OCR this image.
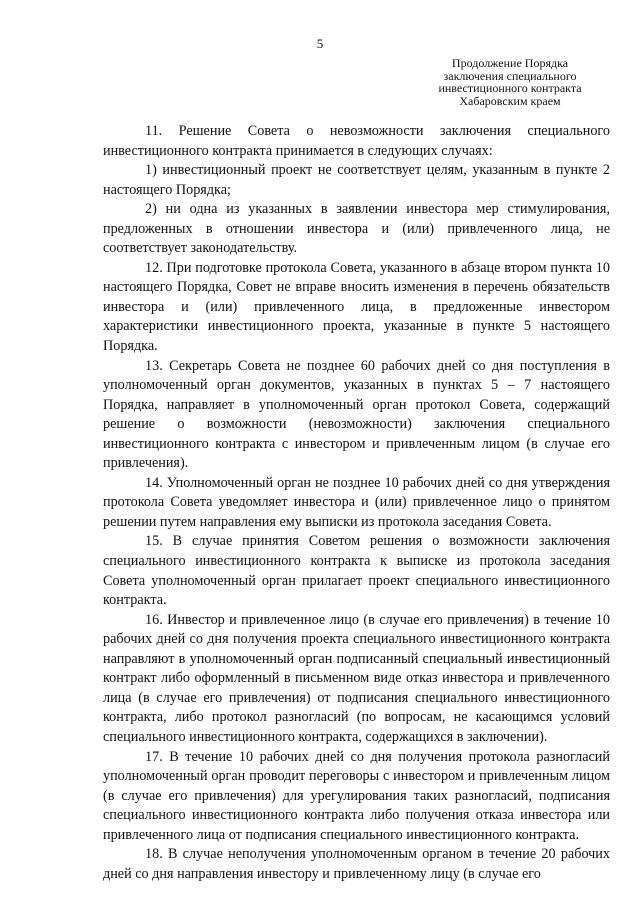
5
Продолжение Порядка
заключения специального
инвестиционного контракта
Хабаровским краем

11. Решение Совета о невозможности заключения специального инвестиционного контракта принимается в следующих случаях:

1) инвестиционный проект не соответствует целям, указанным в пункте 2 настоящего Порядка;

2) ни одна из указанных в заявлении инвестора мер стимулирования, предложенных в отношении инвестора и (или) привлеченного лица, не соответствует законодательству.

12. При подготовке протокола Совета, указанного в абзаце втором пункта 10 настоящего Порядка, Совет не вправе вносить изменения в перечень обязательств инвестора и (или) привлеченного лица, в предложенные инвестором характеристики инвестиционного проекта, указанные в пункте 5 настоящего Порядка.

13. Секретарь Совета не позднее 60 рабочих дней со дня поступления в уполномоченный орган документов, указанных в пунктах 5 – 7 настоящего Порядка, направляет в уполномоченный орган протокол Совета, содержащий решение о возможности (невозможности) заключения специального инвестиционного контракта с инвестором и привлеченным лицом (в случае его привлечения).

14. Уполномоченный орган не позднее 10 рабочих дней со дня утверждения протокола Совета уведомляет инвестора и (или) привлеченное лицо о принятом решении путем направления ему выписки из протокола заседания Совета.

15. В случае принятия Советом решения о возможности заключения специального инвестиционного контракта к выписке из протокола заседания Совета уполномоченный орган прилагает проект специального инвестиционного контракта.

16. Инвестор и привлеченное лицо (в случае его привлечения) в течение 10 рабочих дней со дня получения проекта специального инвестиционного контракта направляют в уполномоченный орган подписанный специальный инвестиционный контракт либо оформленный в письменном виде отказ инвестора и привлеченного лица (в случае его привлечения) от подписания специального инвестиционного контракта, либо протокол разногласий (по вопросам, не касающимся условий специального инвестиционного контракта, содержащихся в заключении).

17. В течение 10 рабочих дней со дня получения протокола разногласий уполномоченный орган проводит переговоры с инвестором и привлеченным лицом (в случае его привлечения) для урегулирования таких разногласий, подписания специального инвестиционного контракта либо получения отказа инвестора или привлеченного лица от подписания специального инвестиционного контракта.

18. В случае неполучения уполномоченным органом в течение 20 рабочих дней со дня направления инвестору и привлеченному лицу (в случае его
